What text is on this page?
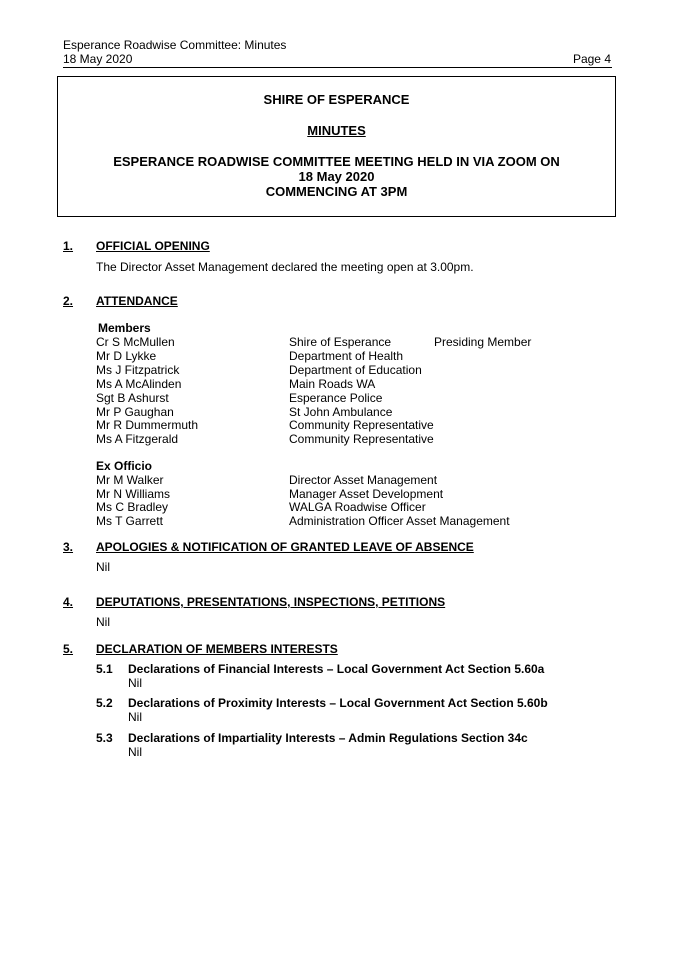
Esperance Roadwise Committee: Minutes
18 May 2020	Page 4
SHIRE OF ESPERANCE
MINUTES
ESPERANCE ROADWISE COMMITTEE MEETING HELD IN VIA ZOOM ON
18 May 2020
COMMENCING AT 3PM
1. OFFICIAL OPENING
The Director Asset Management declared the meeting open at 3.00pm.
2. ATTENDANCE
Members
Cr S McMullen	Shire of Esperance	Presiding Member
Mr D Lykke	Department of Health
Ms J Fitzpatrick	Department of Education
Ms A McAlinden	Main Roads WA
Sgt B Ashurst	Esperance Police
Mr P Gaughan	St John Ambulance
Mr R Dummermuth	Community Representative
Ms A Fitzgerald	Community Representative
Ex Officio
Mr M Walker	Director Asset Management
Mr N Williams	Manager Asset Development
Ms C Bradley	WALGA Roadwise Officer
Ms T Garrett	Administration Officer Asset Management
3. APOLOGIES & NOTIFICATION OF GRANTED LEAVE OF ABSENCE
Nil
4. DEPUTATIONS, PRESENTATIONS, INSPECTIONS, PETITIONS
Nil
5. DECLARATION OF MEMBERS INTERESTS
5.1 Declarations of Financial Interests – Local Government Act Section 5.60a
Nil
5.2 Declarations of Proximity Interests – Local Government Act Section 5.60b
Nil
5.3 Declarations of Impartiality Interests – Admin Regulations Section 34c
Nil
